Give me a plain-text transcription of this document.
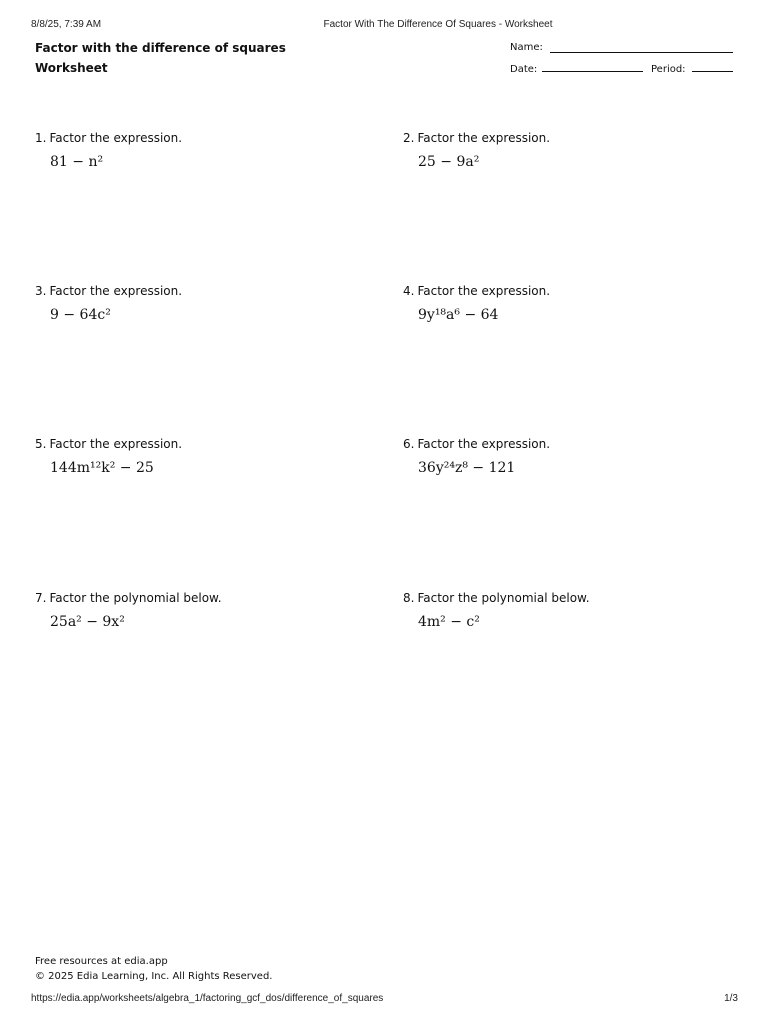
8/8/25, 7:39 AM	Factor With The Difference Of Squares - Worksheet
Factor with the difference of squares
Worksheet
Name:
Date:	Period:
1. Factor the expression.
81 − n²
2. Factor the expression.
25 − 9a²
3. Factor the expression.
9 − 64c²
4. Factor the expression.
9y¹⁸a⁶ − 64
5. Factor the expression.
144m¹²k² − 25
6. Factor the expression.
36y²⁴z⁸ − 121
7. Factor the polynomial below.
25a² − 9x²
8. Factor the polynomial below.
4m² − c²
Free resources at edia.app
© 2025 Edia Learning, Inc. All Rights Reserved.
https://edia.app/worksheets/algebra_1/factoring_gcf_dos/difference_of_squares	1/3
